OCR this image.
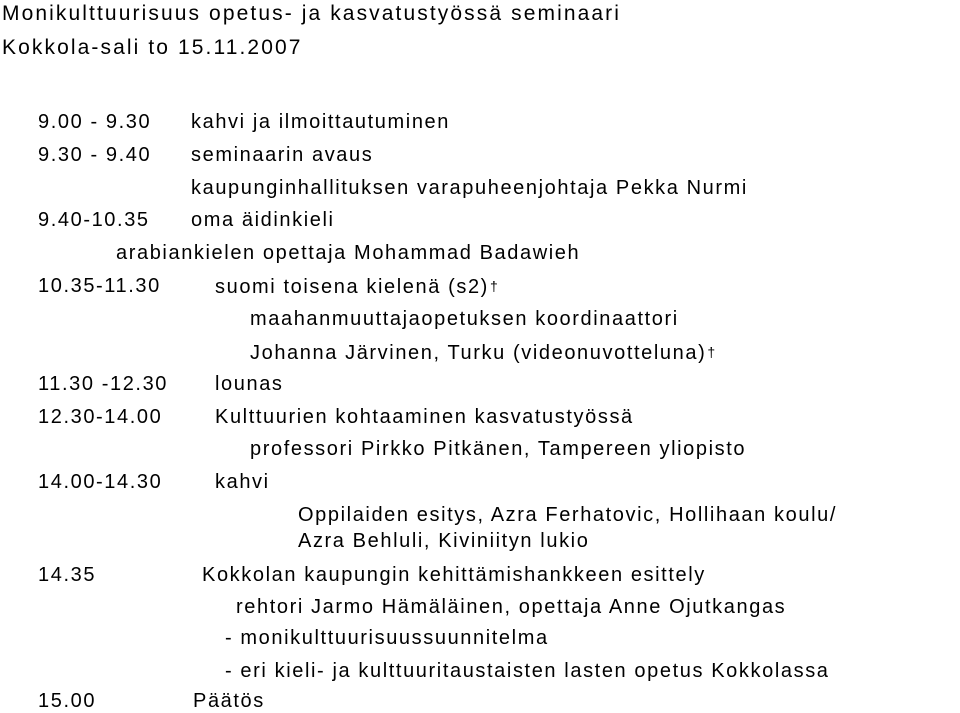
Monikulttuurisuus opetus- ja kasvatustyössä seminaari
Kokkola-sali to 15.11.2007
9.00 - 9.30 kahvi ja ilmoittautuminen
9.30 - 9.40 seminaarin avaus
kaupunginhallituksen varapuheenjohtaja Pekka Nurmi
9.40-10.35 oma äidinkieli
arabiankielen opettaja Mohammad Badawieh
10.35-11.30	suomi toisena kielenä (s2)†
maahanmuuttajaopetuksen koordinaattori
Johanna Järvinen, Turku (videonuvotteluna)†
11.30 -12.30 lounas
12.30-14.00	Kulttuurien kohtaaminen kasvatustyössä
professori Pirkko Pitkänen, Tampereen yliopisto
14.00-14.30	kahvi
Oppilaiden esitys, Azra Ferhatovic, Hollihaan koulu/
Azra Behluli, Kiviniityn lukio
14.35	Kokkolan kaupungin kehittämishankkeen esittely
rehtori Jarmo Hämäläinen, opettaja Anne Ojutkangas
- monikulttuurisuussuunnitelma
- eri kieli- ja kulttuuritaustaisten lasten opetus Kokkolassa
15.00	Päätös
